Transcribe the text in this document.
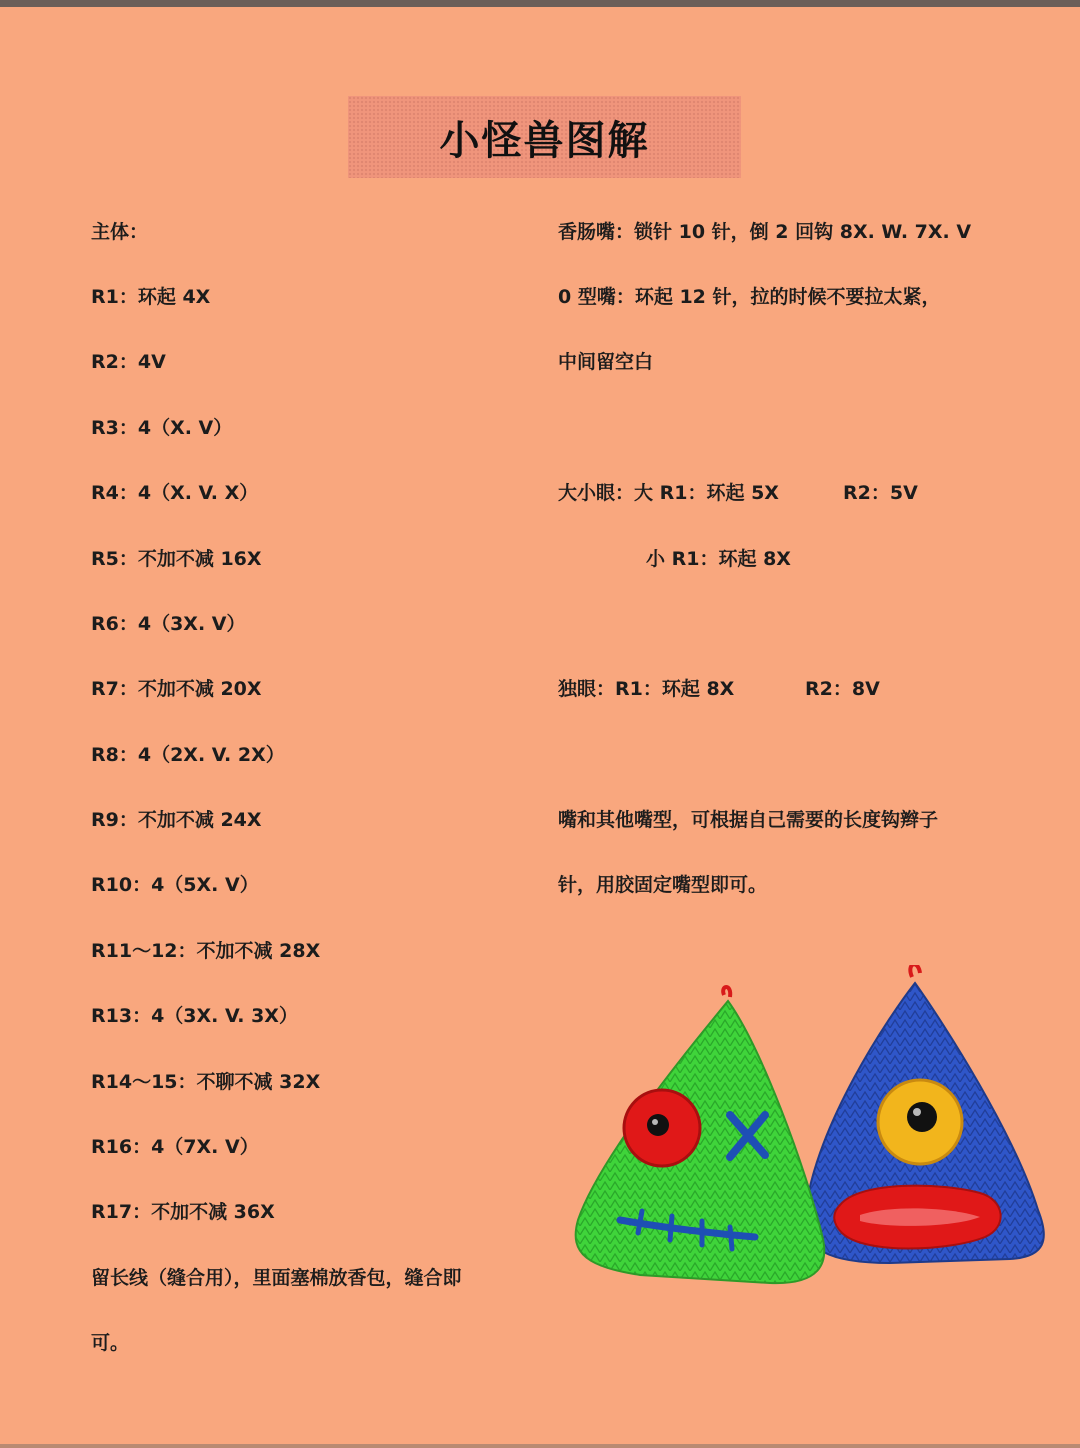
小怪兽图解
主体：
R1：环起 4X
R2：4V
R3：4（X. V）
R4：4（X. V. X）
R5：不加不减 16X
R6：4（3X. V）
R7：不加不减 20X
R8：4（2X. V. 2X）
R9：不加不减 24X
R10：4（5X. V）
R11～12：不加不减 28X
R13：4（3X. V. 3X）
R14～15：不聊不减 32X
R16：4（7X. V）
R17：不加不减 36X
留长线（缝合用），里面塞棉放香包，缝合即
可。
香肠嘴：锁针 10 针，倒 2 回钩 8X. W. 7X. V
0 型嘴：环起 12 针，拉的时候不要拉太紧，
中间留空白
大小眼：大 R1：环起 5X	R2：5V
小 R1：环起 8X
独眼：R1：环起 8X	R2：8V
嘴和其他嘴型，可根据自己需要的长度钩辫子
针，用胶固定嘴型即可。
